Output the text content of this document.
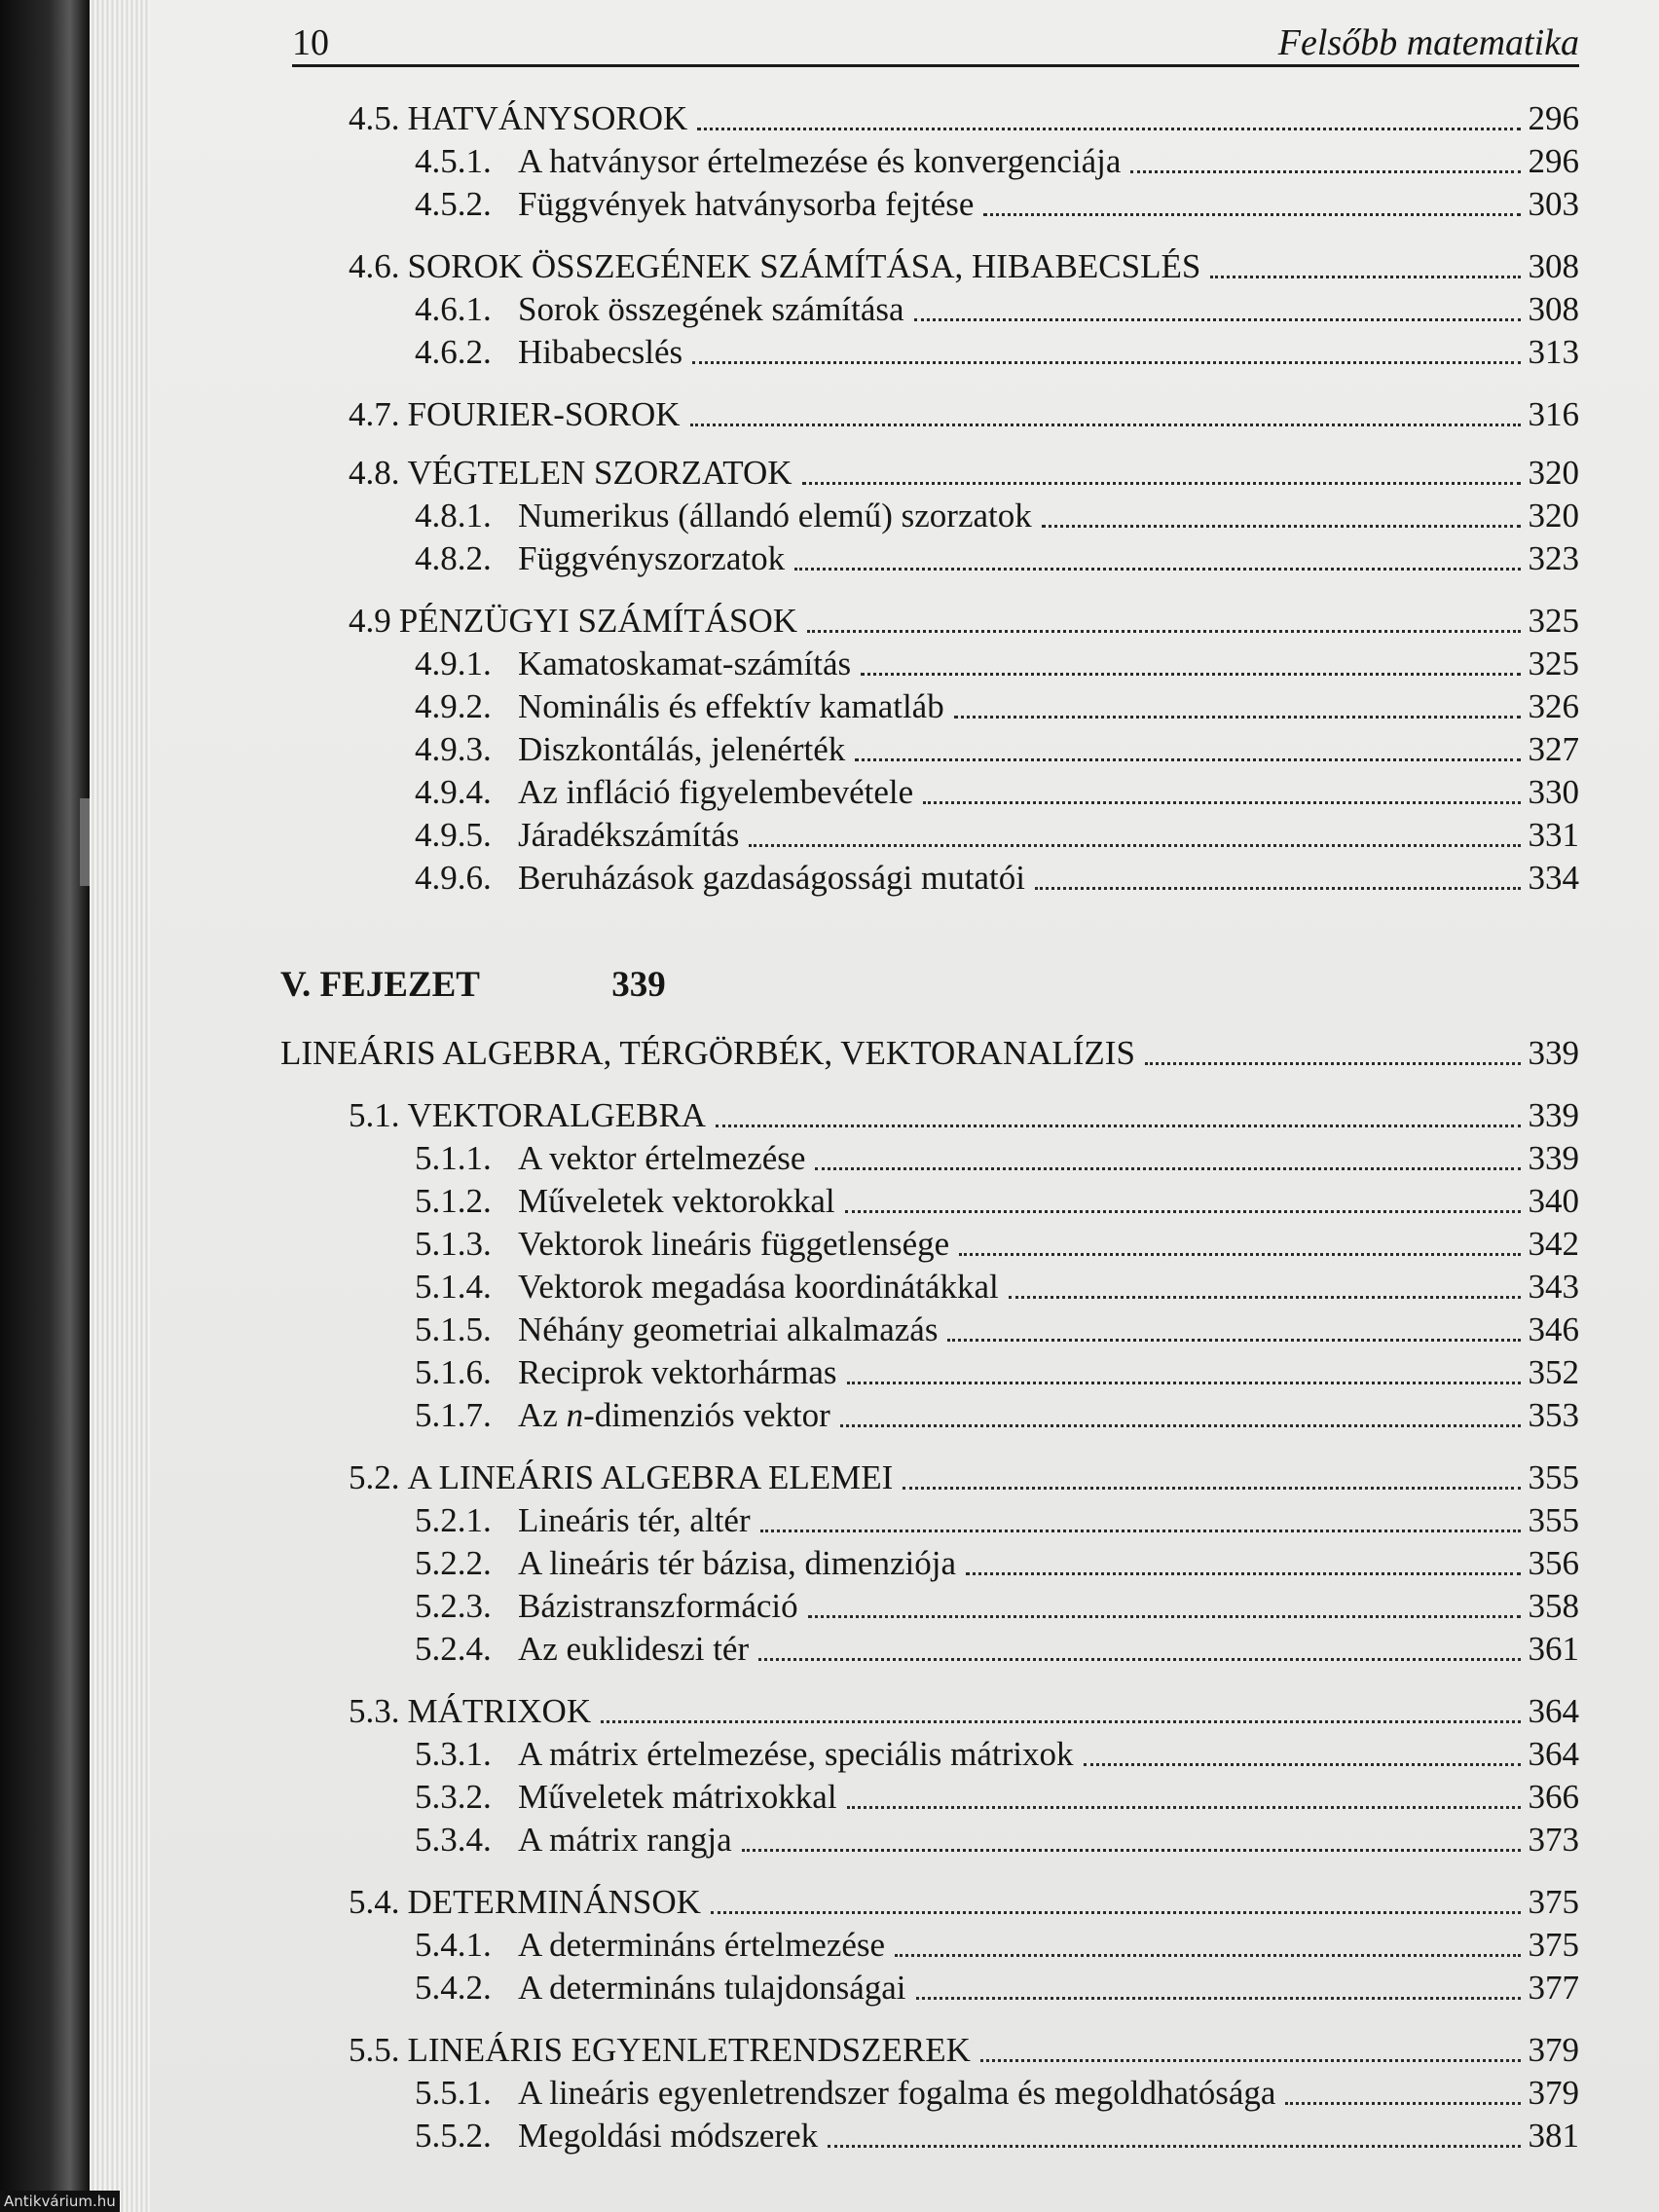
10	Felsőbb matematika
4.5. HATVÁNYSOROK	296
4.5.1. A hatványsor értelmezése és konvergenciája	296
4.5.2. Függvények hatványsorba fejtése	303
4.6. SOROK ÖSSZEGÉNEK SZÁMÍTÁSA, HIBABECSLÉS	308
4.6.1. Sorok összegének számítása	308
4.6.2. Hibabecslés	313
4.7. FOURIER-SOROK	316
4.8. VÉGTELEN SZORZATOK	320
4.8.1. Numerikus (állandó elemű) szorzatok	320
4.8.2. Függvényszorzatok	323
4.9 PÉNZÜGYI SZÁMÍTÁSOK	325
4.9.1. Kamatoskamat-számítás	325
4.9.2. Nominális és effektív kamatláb	326
4.9.3. Diszkontálás, jelenérték	327
4.9.4. Az infláció figyelembevétele	330
4.9.5. Járadékszámítás	331
4.9.6. Beruházások gazdaságossági mutatói	334
V. FEJEZET	339
LINEÁRIS ALGEBRA, TÉRGÖRBÉK, VEKTORANALÍZIS	339
5.1. VEKTORALGEBRA	339
5.1.1. A vektor értelmezése	339
5.1.2. Műveletek vektorokkal	340
5.1.3. Vektorok lineáris függetlensége	342
5.1.4. Vektorok megadása koordinátákkal	343
5.1.5. Néhány geometriai alkalmazás	346
5.1.6. Reciprok vektorhármas	352
5.1.7. Az n-dimenziós vektor	353
5.2. A LINEÁRIS ALGEBRA ELEMEI	355
5.2.1. Lineáris tér, altér	355
5.2.2. A lineáris tér bázisa, dimenziója	356
5.2.3. Bázistranszformáció	358
5.2.4. Az euklideszi tér	361
5.3. MÁTRIXOK	364
5.3.1. A mátrix értelmezése, speciális mátrixok	364
5.3.2. Műveletek mátrixokkal	366
5.3.4. A mátrix rangja	373
5.4. DETERMINÁNSOK	375
5.4.1. A determináns értelmezése	375
5.4.2. A determináns tulajdonságai	377
5.5. LINEÁRIS EGYENLETRENDSZEREK	379
5.5.1. A lineáris egyenletrendszer fogalma és megoldhatósága	379
5.5.2. Megoldási módszerek	381
Antikvárium.hu
